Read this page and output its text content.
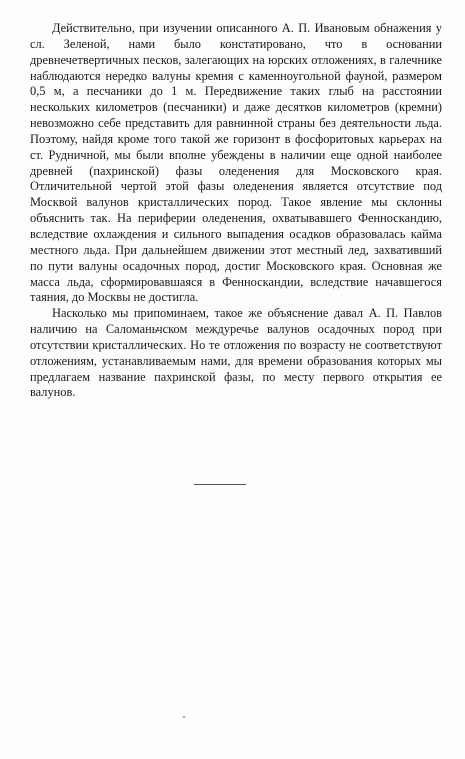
Действительно, при изучении описанного А. П. Ивановым обнажения у сл. Зеленой, нами было констатировано, что в основании древнечетвертичных песков, залегающих на юрских отложениях, в галечнике наблюдаются нередко валуны кремня с каменноугольной фауной, размером 0,5 м, а песчаники до 1 м. Передвижение таких глыб на расстоянии нескольких километров (песчаники) и даже десятков километров (кремни) невозможно себе представить для равнинной страны без деятельности льда. Поэтому, найдя кроме того такой же горизонт в фосфоритовых карьерах на ст. Рудничной, мы были вполне убеждены в наличии еще одной наиболее древней (пахринской) фазы оледенения для Московского края. Отличительной чертой этой фазы оледенения является отсутствие под Москвой валунов кристаллических пород. Такое явление мы склонны объяснить так. На периферии оледенения, охватывавшего Фенноскандию, вследствие охлаждения и сильного выпадения осадков образовалась кайма местного льда. При дальнейшем движении этот местный лед, захвативший по пути валуны осадочных пород, достиг Московского края. Основная же масса льда, сформировавшаяся в Фенноскандии, вследствие начавшегося таяния, до Москвы не достигла.

Насколько мы припоминаем, такое же объяснение давал А. П. Павлов наличию на Саломаньчском междуречье валунов осадочных пород при отсутствии кристаллических. Но те отложения по возрасту не соответствуют отложениям, устанавливаемым нами, для времени образования которых мы предлагаем название пахринской фазы, по месту первого открытия ее валунов.
